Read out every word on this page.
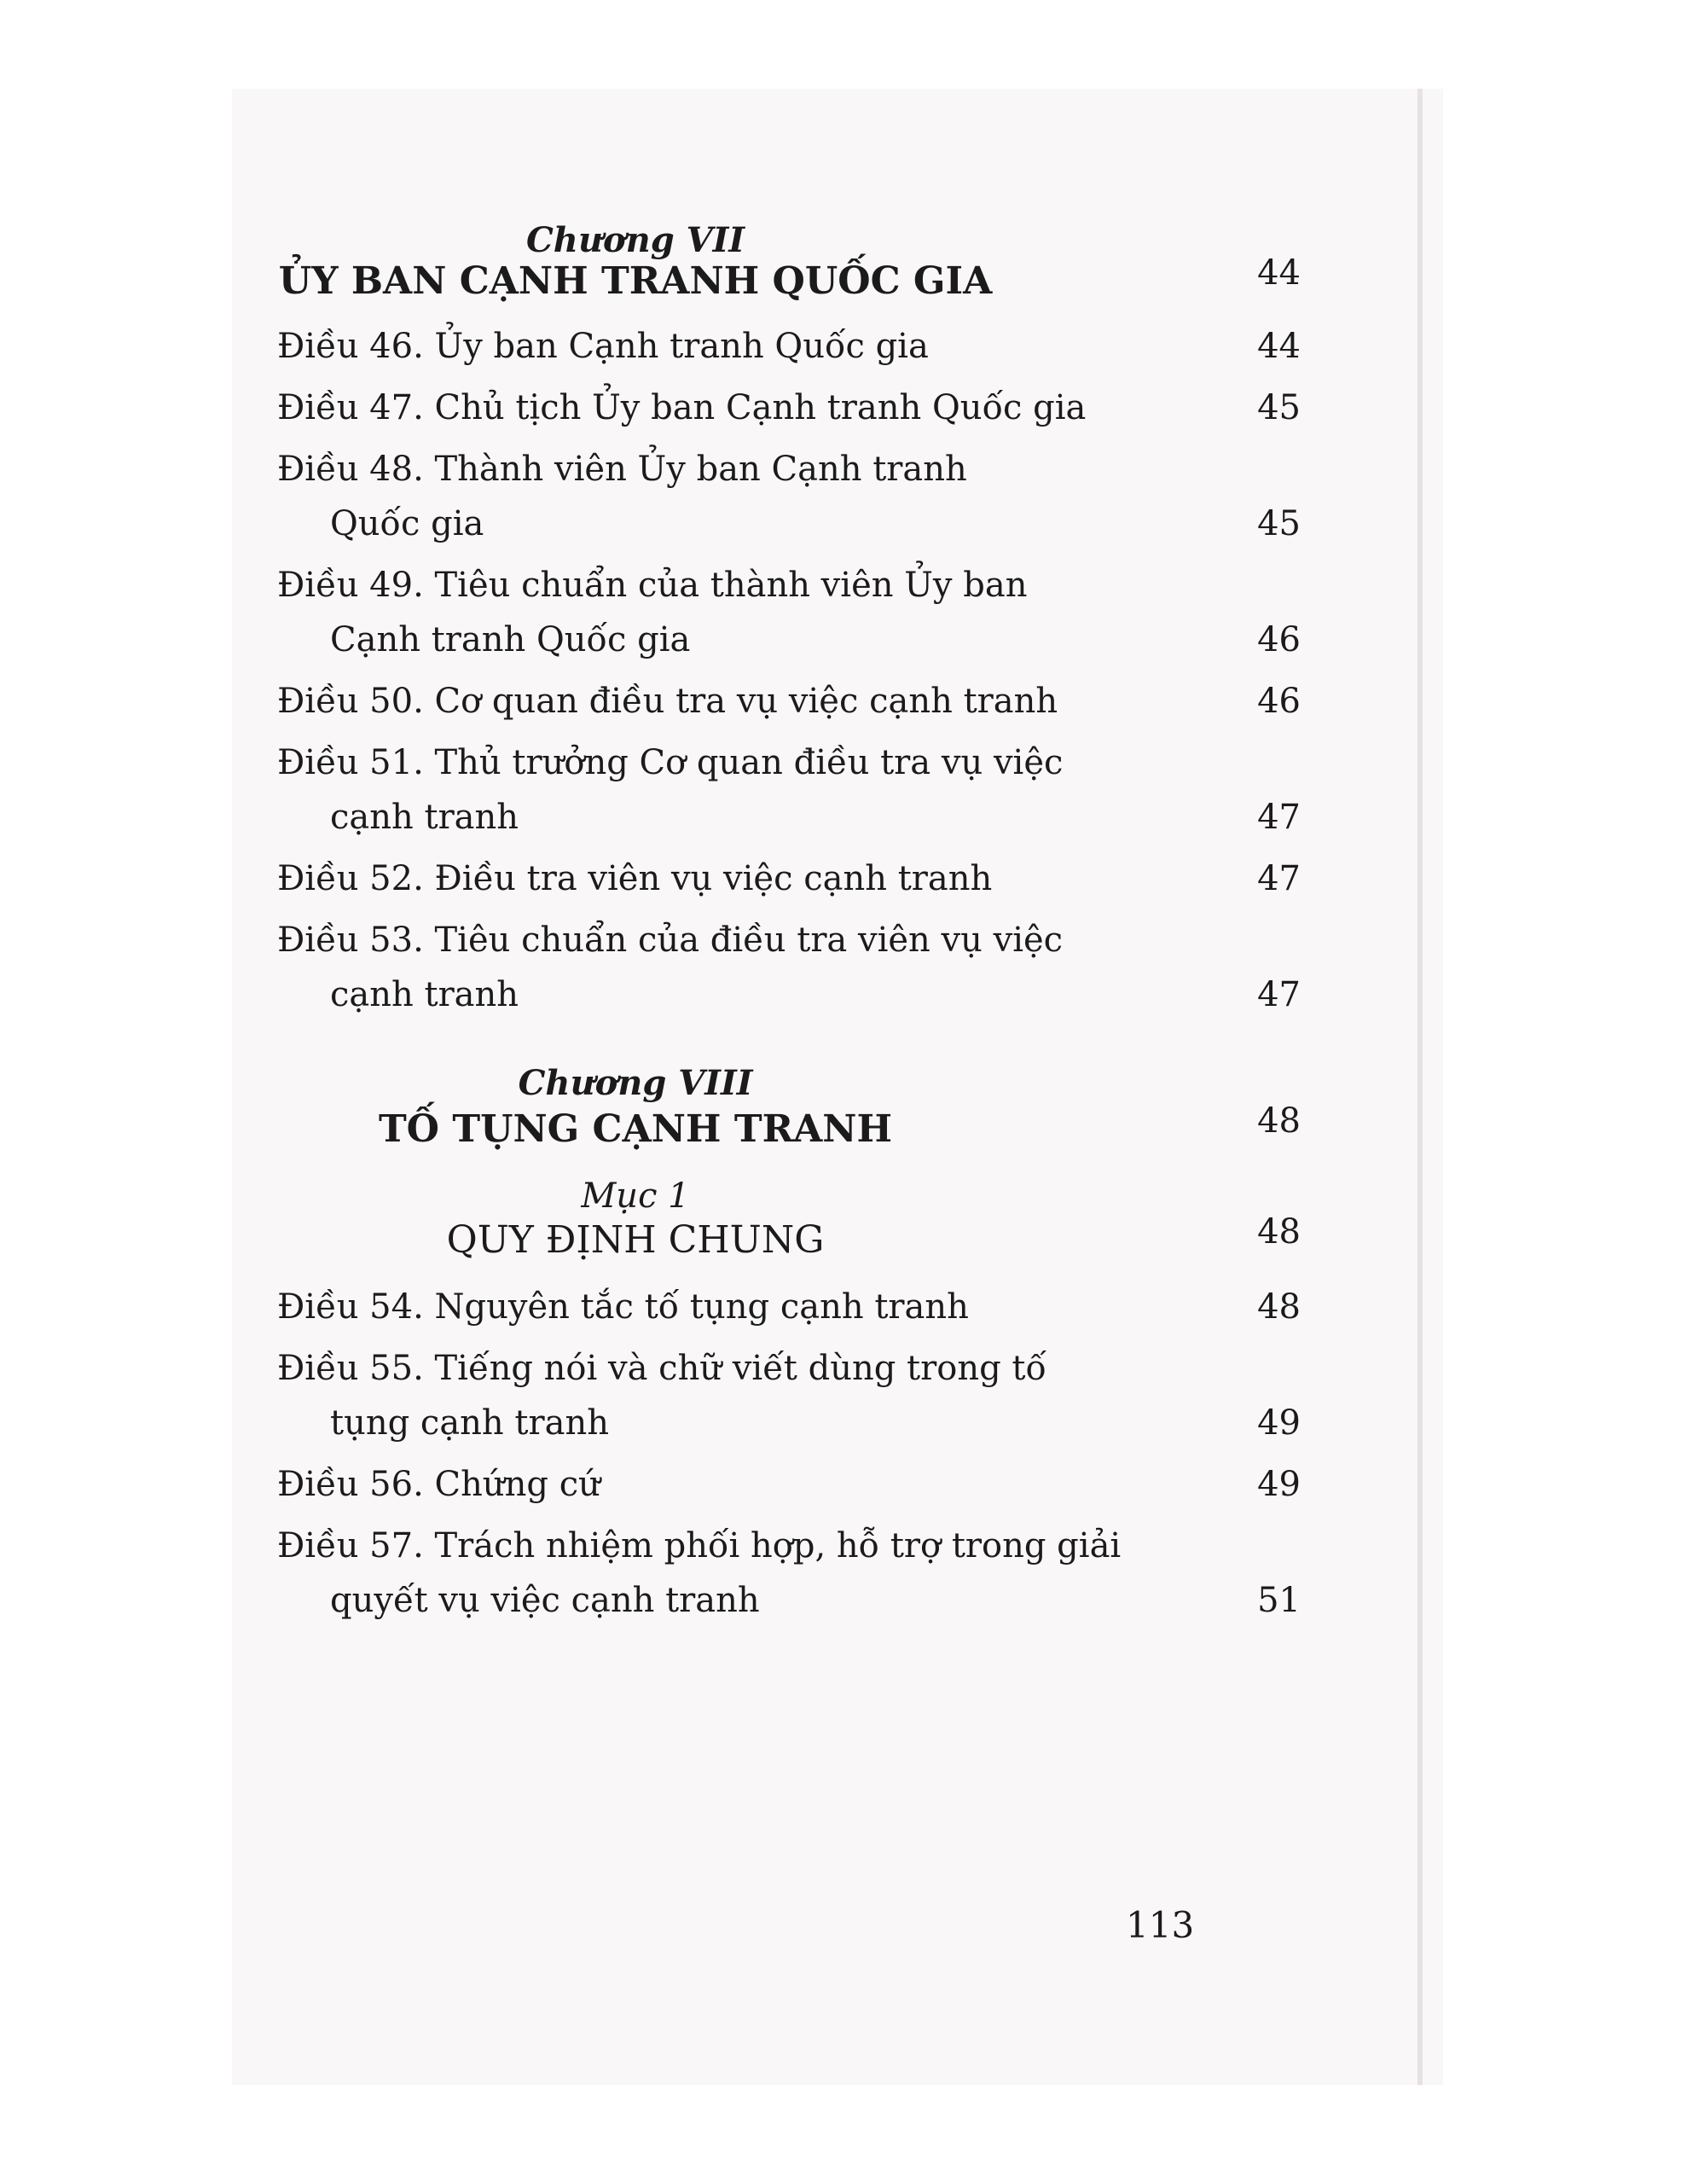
Chương VII
ỦY BAN CẠNH TRANH QUỐC GIA	44
Điều 46. Ủy ban Cạnh tranh Quốc gia	44
Điều 47. Chủ tịch Ủy ban Cạnh tranh Quốc gia	45
Điều 48. Thành viên Ủy ban Cạnh tranh
Quốc gia	45
Điều 49. Tiêu chuẩn của thành viên Ủy ban
Cạnh tranh Quốc gia	46
Điều 50. Cơ quan điều tra vụ việc cạnh tranh	46
Điều 51. Thủ trưởng Cơ quan điều tra vụ việc
cạnh tranh	47
Điều 52. Điều tra viên vụ việc cạnh tranh	47
Điều 53. Tiêu chuẩn của điều tra viên vụ việc
cạnh tranh	47
Chương VIII
TỐ TỤNG CẠNH TRANH	48
Mục 1
QUY ĐỊNH CHUNG	48
Điều 54. Nguyên tắc tố tụng cạnh tranh	48
Điều 55. Tiếng nói và chữ viết dùng trong tố
tụng cạnh tranh	49
Điều 56. Chứng cứ	49
Điều 57. Trách nhiệm phối hợp, hỗ trợ trong giải
quyết vụ việc cạnh tranh	51
113
